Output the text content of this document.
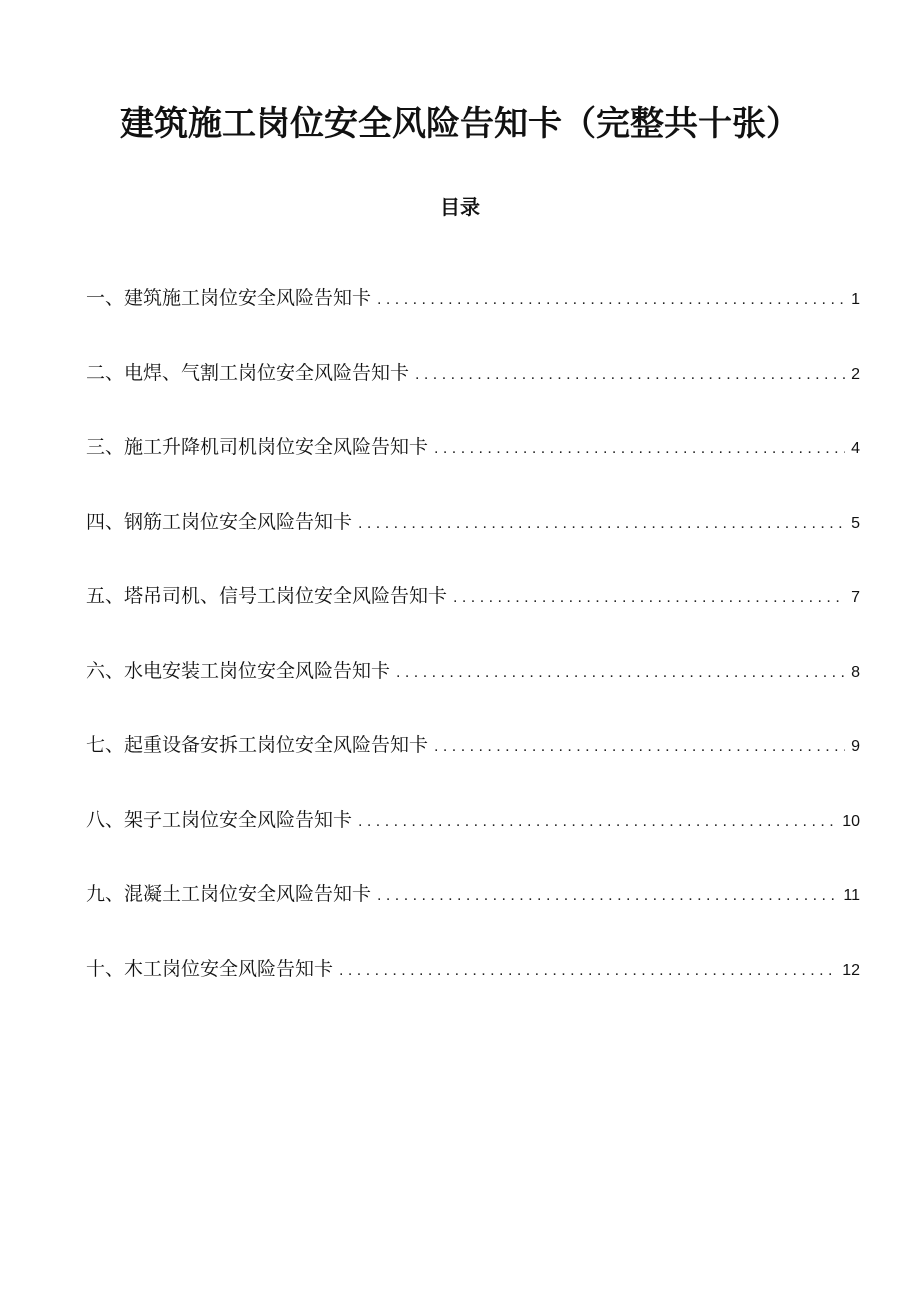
建筑施工岗位安全风险告知卡（完整共十张）
目录
一、建筑施工岗位安全风险告知卡 . . .	1
二、电焊、气割工岗位安全风险告知卡 . . .	2
三、施工升降机司机岗位安全风险告知卡 . . .	4
四、钢筋工岗位安全风险告知卡 . . .	5
五、塔吊司机、信号工岗位安全风险告知卡 . . .	7
六、水电安装工岗位安全风险告知卡 . . .	8
七、起重设备安拆工岗位安全风险告知卡 . . .	9
八、架子工岗位安全风险告知卡 . . .	10
九、混凝土工岗位安全风险告知卡 . . .	11
十、木工岗位安全风险告知卡 . . .	12
